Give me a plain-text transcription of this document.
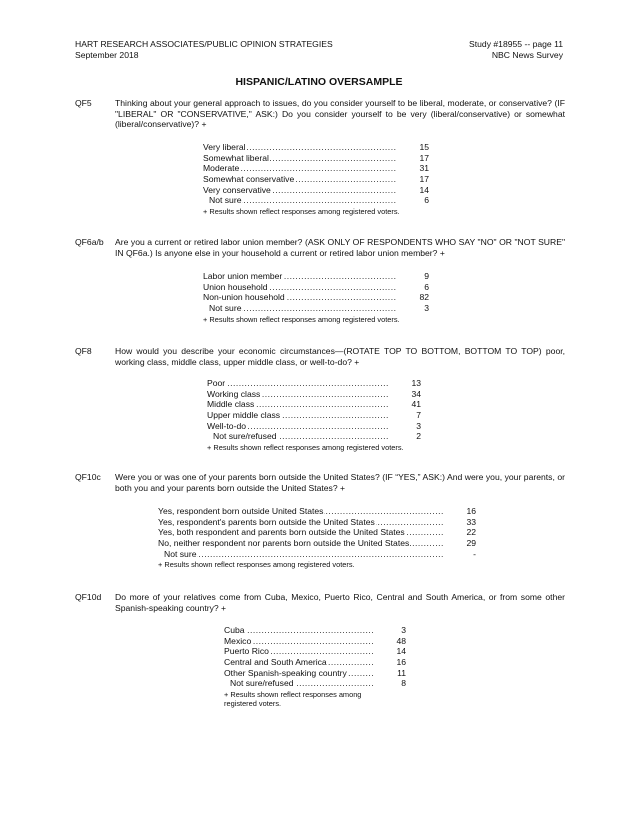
HART RESEARCH ASSOCIATES/PUBLIC OPINION STRATEGIES
September 2018
Study #18955 -- page 11
NBC News Survey
HISPANIC/LATINO OVERSAMPLE
QF5	Thinking about your general approach to issues, do you consider yourself to be liberal, moderate, or conservative? (IF "LIBERAL" OR "CONSERVATIVE," ASK:) Do you consider yourself to be very (liberal/conservative) or somewhat (liberal/conservative)? +
Very liberal .....	15
Somewhat liberal .....	17
Moderate .....	31
Somewhat conservative .....	17
Very conservative .....	14
Not sure .....	6
+ Results shown reflect responses among registered voters.
QF6a/b	Are you a current or retired labor union member? (ASK ONLY OF RESPONDENTS WHO SAY "NO" OR "NOT SURE" IN QF6a.) Is anyone else in your household a current or retired labor union member? +
Labor union member .....	9
Union household .....	6
Non-union household .....	82
Not sure .....	3
+ Results shown reflect responses among registered voters.
QF8	How would you describe your economic circumstances—(ROTATE TOP TO BOTTOM, BOTTOM TO TOP) poor, working class, middle class, upper middle class, or well-to-do? +
Poor .....	13
Working class .....	34
Middle class .....	41
Upper middle class .....	7
Well-to-do .....	3
Not sure/refused .....	2
+ Results shown reflect responses among registered voters.
QF10c	Were you or was one of your parents born outside the United States? (IF “YES,” ASK:) And were you, your parents, or both you and your parents born outside the United States? +
Yes, respondent born outside United States .....	16
Yes, respondent's parents born outside the United States .....	33
Yes, both respondent and parents born outside the United States .....	22
No, neither respondent nor parents born outside the United States .....	29
Not sure .....	-
+ Results shown reflect responses among registered voters.
QF10d	Do more of your relatives come from Cuba, Mexico, Puerto Rico, Central and South America, or from some other Spanish-speaking country? +
Cuba .....	3
Mexico .....	48
Puerto Rico .....	14
Central and South America .....	16
Other Spanish-speaking country .....	11
Not sure/refused .....	8
+ Results shown reflect responses among registered voters.
